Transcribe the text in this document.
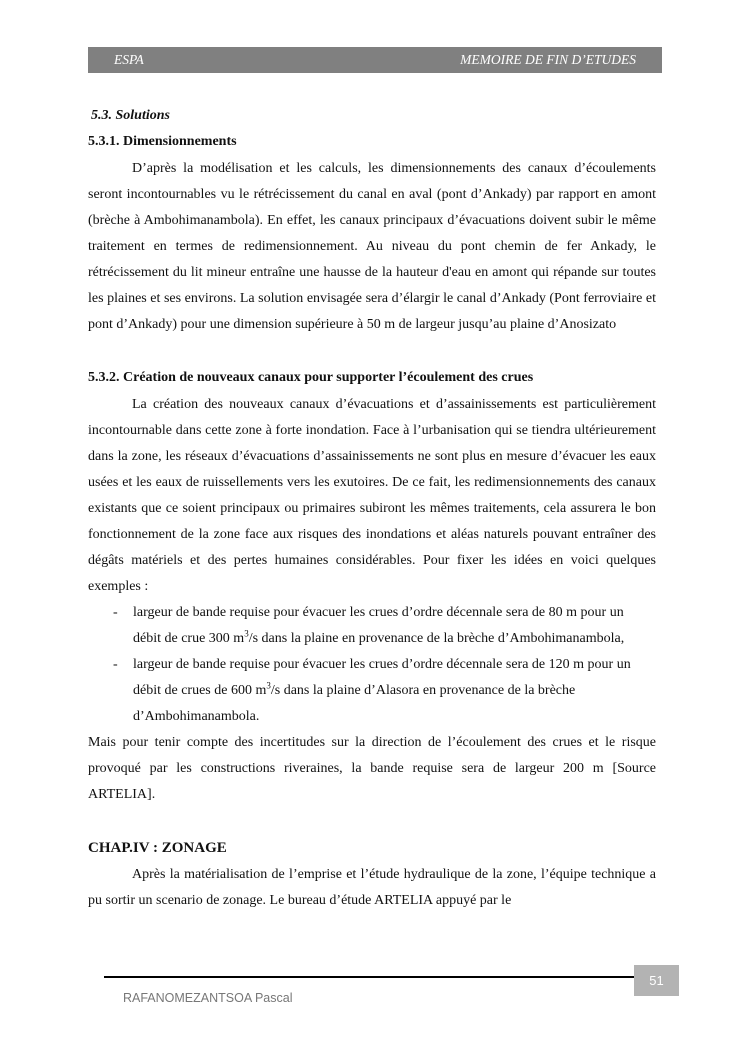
ESPA	MEMOIRE DE FIN D’ETUDES
5.3. Solutions
5.3.1. Dimensionnements

D’après la modélisation et les calculs, les dimensionnements des canaux d’écoulements seront incontournables vu le rétrécissement du canal en aval (pont d’Ankady) par rapport en amont (brèche à Ambohimanambola). En effet, les canaux principaux d’évacuations doivent subir le même traitement en termes de redimensionnement. Au niveau du pont chemin de fer Ankady, le rétrécissement du lit mineur entraîne une hausse de la hauteur d'eau en amont qui répande sur toutes les plaines et ses environs. La solution envisagée sera d’élargir le canal d’Ankady (Pont ferroviaire et pont d’Ankady) pour une dimension supérieure à 50 m de largeur jusqu’au plaine d’Anosizato

5.3.2. Création de nouveaux canaux pour supporter l’écoulement des crues

La création des nouveaux canaux d’évacuations et d’assainissements est particulièrement incontournable dans cette zone à forte inondation. Face à l’urbanisation qui se tiendra ultérieurement dans la zone, les réseaux d’évacuations d’assainissements ne sont plus en mesure d’évacuer les eaux usées et les eaux de ruissellements vers les exutoires. De ce fait, les redimensionnements des canaux existants que ce soient principaux ou primaires subiront les mêmes traitements, cela assurera le bon fonctionnement de la zone face aux risques des inondations et aléas naturels pouvant entraîner des dégâts matériels et des pertes humaines considérables. Pour fixer les idées en voici quelques exemples :

- largeur de bande requise pour évacuer les crues d’ordre décennale sera de 80 m pour un débit de crue 300 $m^3/s$ dans la plaine en provenance de la brèche d’Ambohimanambola,
- largeur de bande requise pour évacuer les crues d’ordre décennale sera de 120 m pour un débit de crues de 600 $m^3/s$ dans la plaine d’Alasora en provenance de la brèche d’Ambohimanambola.

Mais pour tenir compte des incertitudes sur la direction de l’écoulement des crues et le risque provoqué par les constructions riveraines, la bande requise sera de largeur 200 m [Source ARTELIA].

CHAP.IV : ZONAGE

Après la matérialisation de l’emprise et l’étude hydraulique de la zone, l’équipe technique a pu sortir un scenario de zonage. Le bureau d’étude ARTELIA appuyé par le

51
RAFANOMEZANTSOA Pascal
